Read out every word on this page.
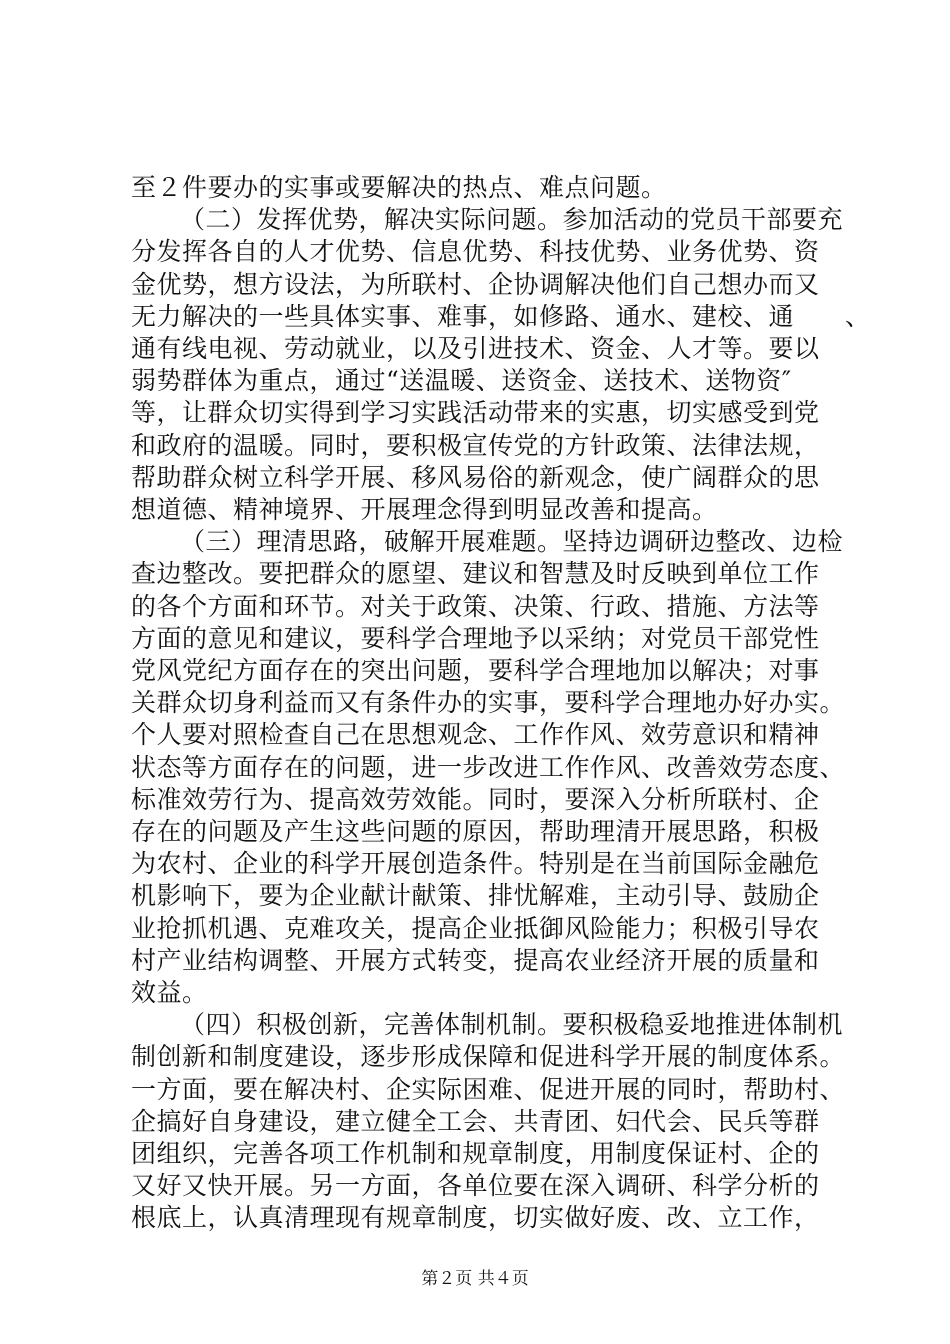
至２件要办的实事或要解决的热点、难点问题。
（二）发挥优势，解决实际问题。参加活动的党员干部要充
分发挥各自的人才优势、信息优势、科技优势、业务优势、资
金优势，想方设法，为所联村、企协调解决他们自己想办而又
无力解决的一些具体实事、难事，如修路、通水、建校、通　　、
通有线电视、劳动就业，以及引进技术、资金、人才等。要以
弱势群体为重点，通过“送温暖、送资金、送技术、送物资″
等，让群众切实得到学习实践活动带来的实惠，切实感受到党
和政府的温暖。同时，要积极宣传党的方针政策、法律法规，
帮助群众树立科学开展、移风易俗的新观念，使广阔群众的思
想道德、精神境界、开展理念得到明显改善和提高。
（三）理清思路，破解开展难题。坚持边调研边整改、边检
查边整改。要把群众的愿望、建议和智慧及时反映到单位工作
的各个方面和环节。对关于政策、决策、行政、措施、方法等
方面的意见和建议，要科学合理地予以采纳；对党员干部党性
党风党纪方面存在的突出问题，要科学合理地加以解决；对事
关群众切身利益而又有条件办的实事，要科学合理地办好办实。
个人要对照检查自己在思想观念、工作作风、效劳意识和精神
状态等方面存在的问题，进一步改进工作作风、改善效劳态度、
标准效劳行为、提高效劳效能。同时，要深入分析所联村、企
存在的问题及产生这些问题的原因，帮助理清开展思路，积极
为农村、企业的科学开展创造条件。特别是在当前国际金融危
机影响下，要为企业献计献策、排忧解难，主动引导、鼓励企
业抢抓机遇、克难攻关，提高企业抵御风险能力；积极引导农
村产业结构调整、开展方式转变，提高农业经济开展的质量和
效益。
（四）积极创新，完善体制机制。要积极稳妥地推进体制机
制创新和制度建设，逐步形成保障和促进科学开展的制度体系。
一方面，要在解决村、企实际困难、促进开展的同时，帮助村、
企搞好自身建设，建立健全工会、共青团、妇代会、民兵等群
团组织，完善各项工作机制和规章制度，用制度保证村、企的
又好又快开展。另一方面，各单位要在深入调研、科学分析的
根底上，认真清理现有规章制度，切实做好废、改、立工作，
第２页 共４页
